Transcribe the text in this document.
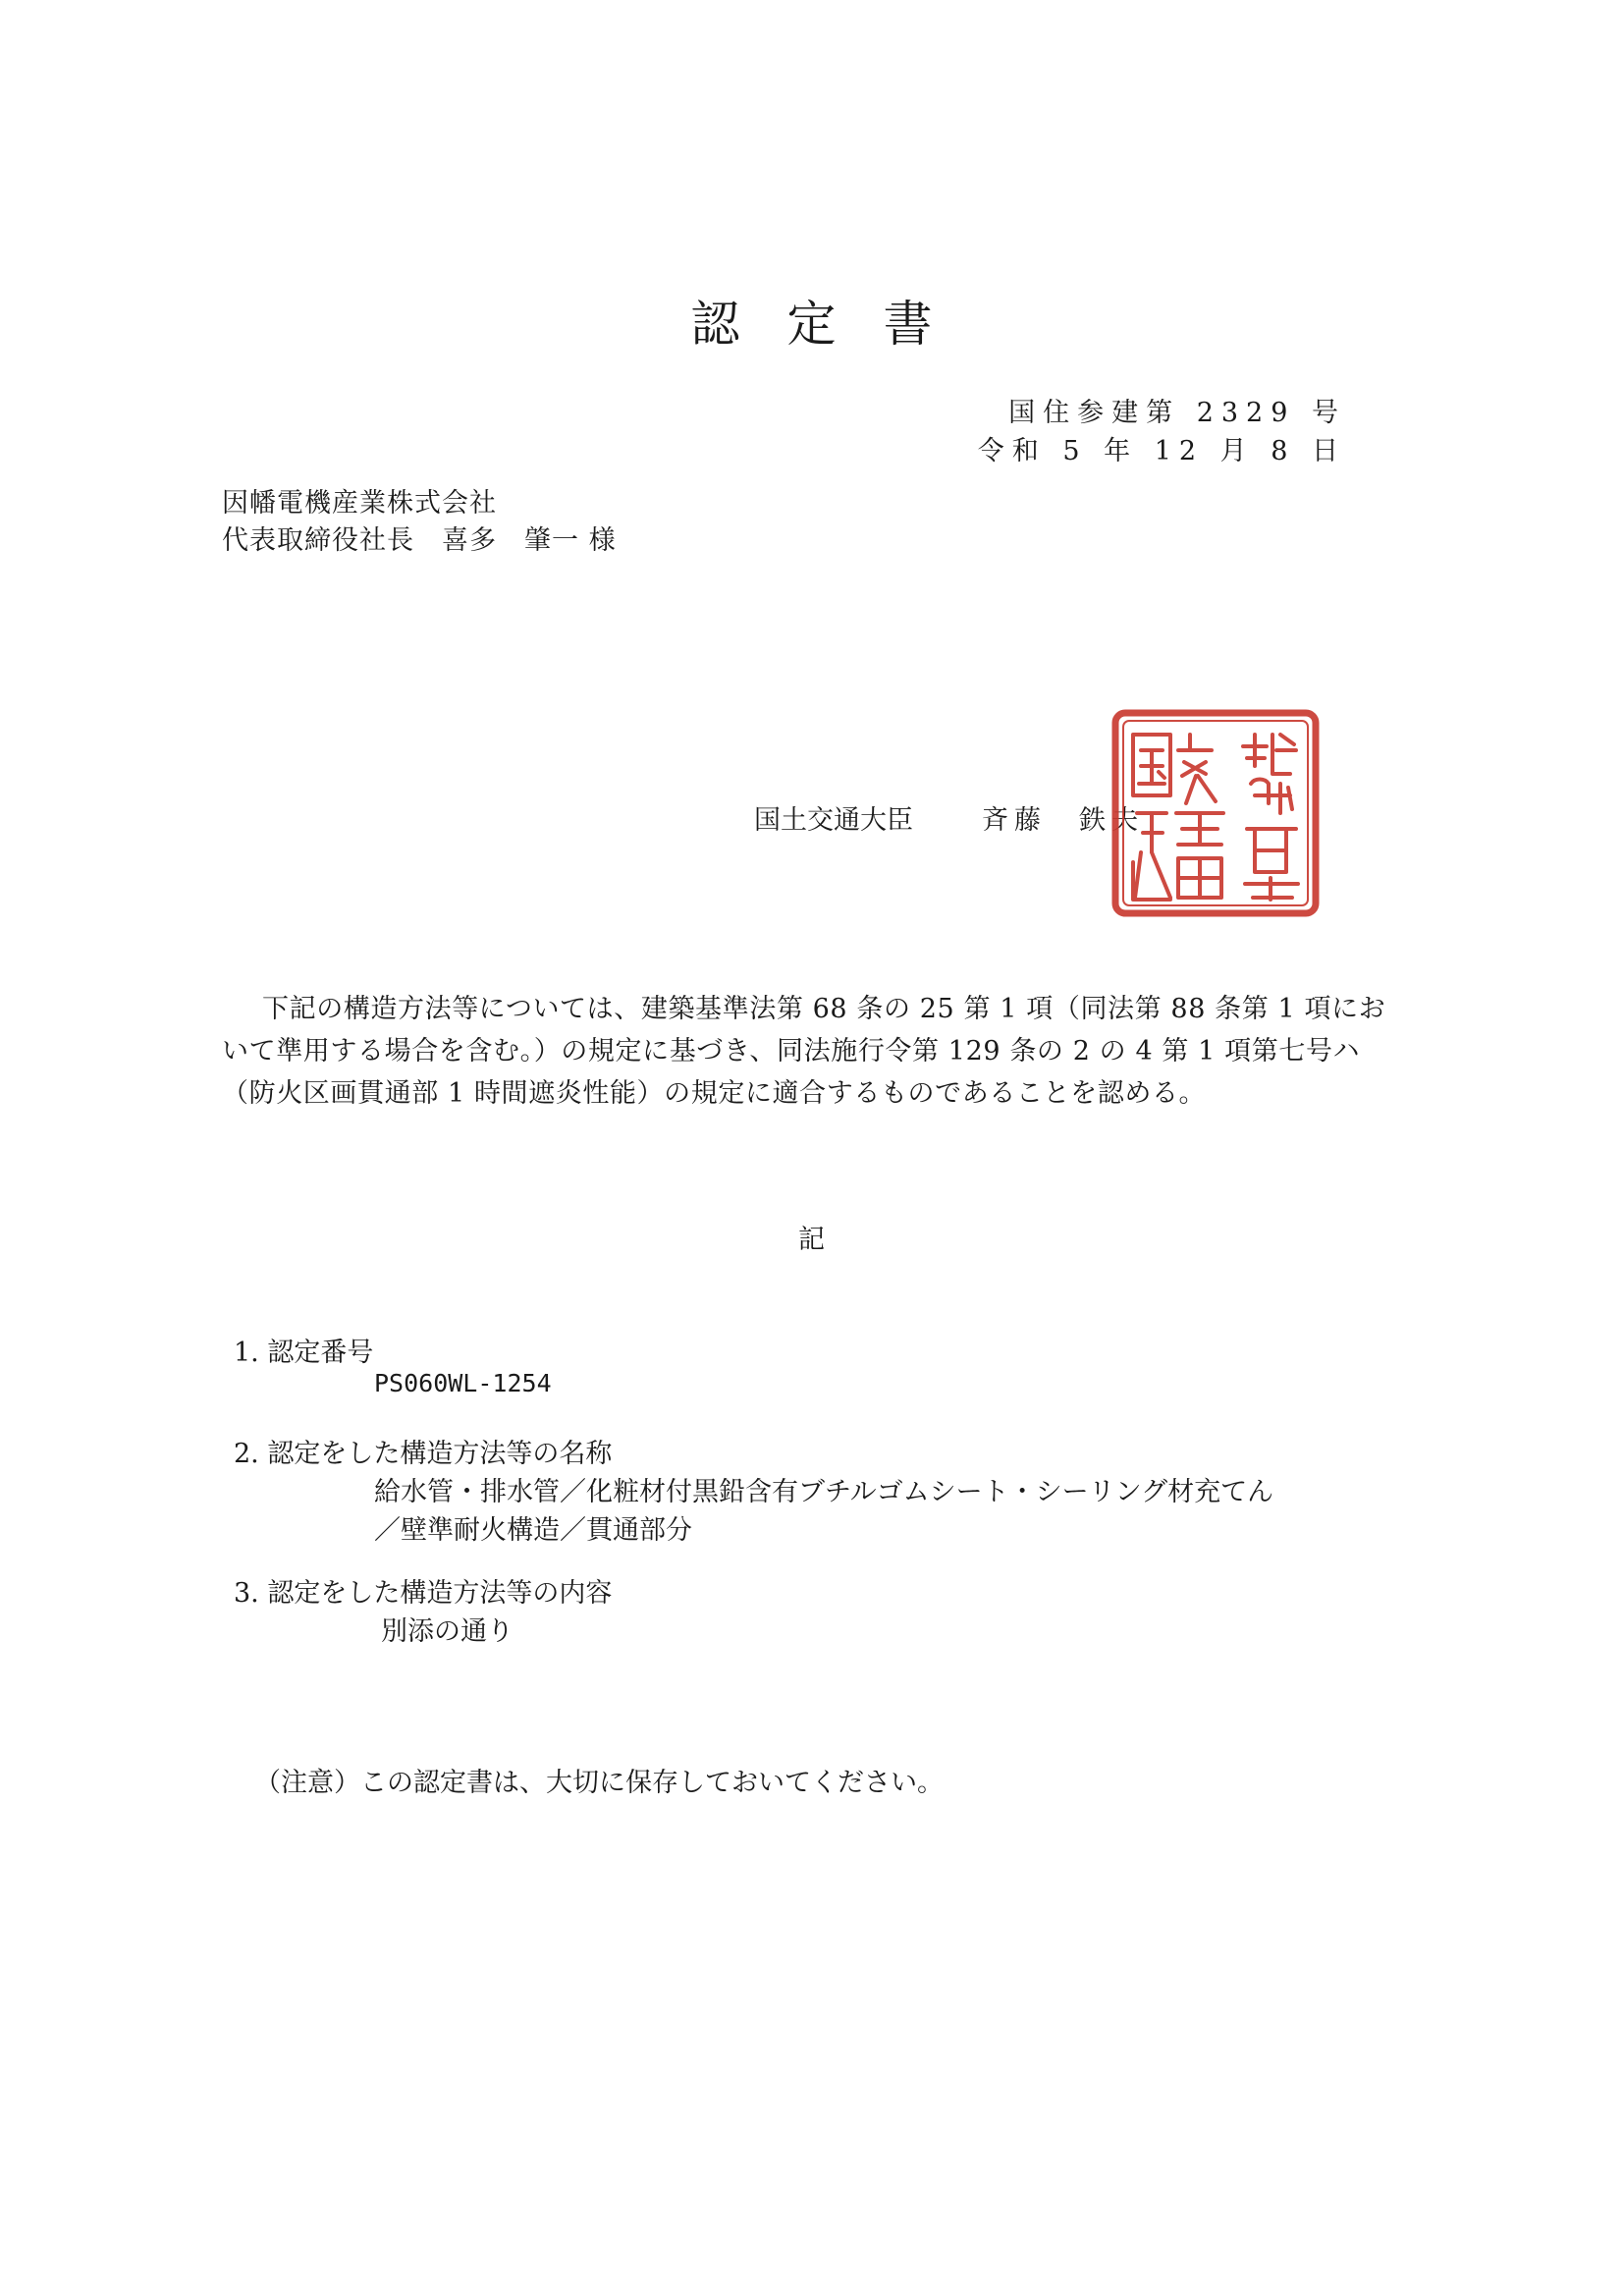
認定書
国住参建第 2329 号
令和 5 年 12 月 8 日
因幡電機産業株式会社
代表取締役社長　喜多　肇一 様
国土交通大臣	斉藤　鉄夫
下記の構造方法等については、建築基準法第 68 条の 25 第 1 項（同法第 88 条第 1 項にお
いて準用する場合を含む。）の規定に基づき、同法施行令第 129 条の 2 の 4 第 1 項第七号ハ
（防火区画貫通部 1 時間遮炎性能）の規定に適合するものであることを認める。
記
1. 認定番号
PS060WL-1254
2. 認定をした構造方法等の名称
給水管・排水管／化粧材付黒鉛含有ブチルゴムシート・シーリング材充てん
／壁準耐火構造／貫通部分
3. 認定をした構造方法等の内容
別添の通り
（注意）この認定書は、大切に保存しておいてください。
